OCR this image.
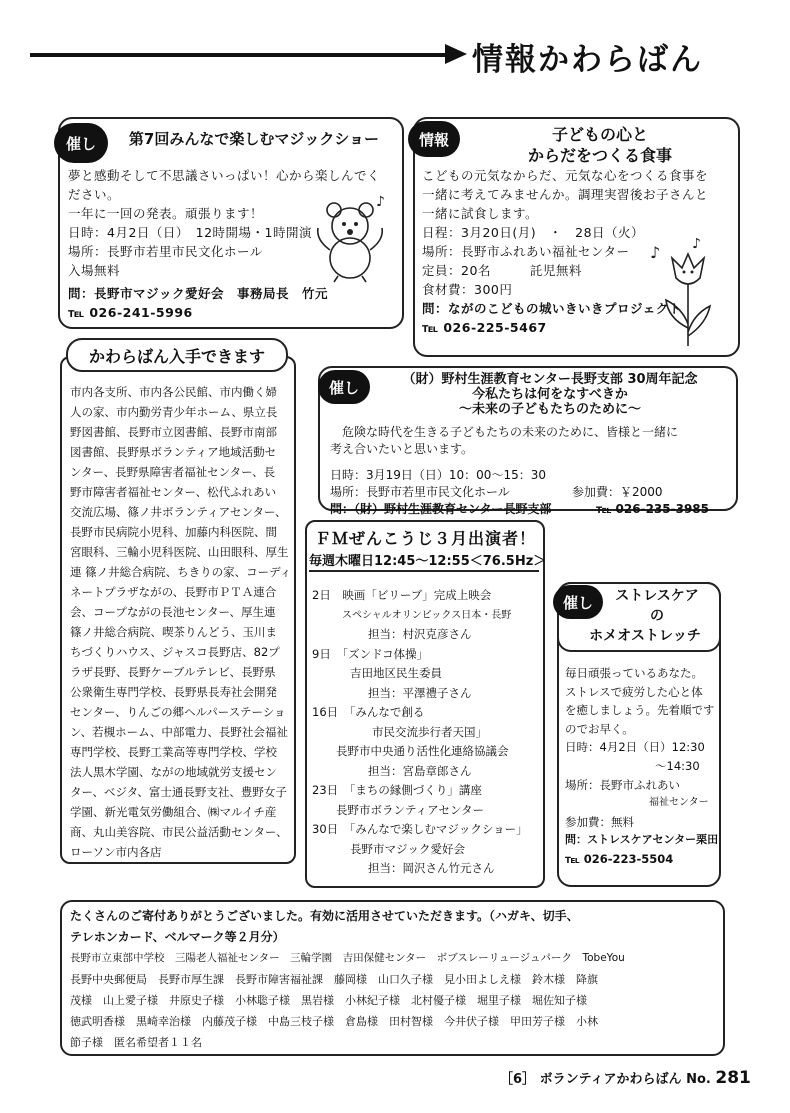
情報かわらばん
催し	第7回みんなで楽しむマジックショー
夢と感動そして不思議さいっぱい！心から楽しんでく
ださい。
一年に一回の発表。頑張ります！
日時：4月2日（日）　12時開場・1時開演
場所：長野市若里市民文化ホール
入場無料
問：長野市マジック愛好会　事務局長　竹元
℡ 026-241-5996
♪
情報	子どもの心と
からだをつくる食事
こどもの元気なからだ、元気な心をつくる食事を
一緒に考えてみませんか。調理実習後お子さんと
一緒に試食します。
日程：3月20日(月)　・　28日（火）
場所：長野市ふれあい福祉センター
定員：20名　　　託児無料
食材費：300円
問：ながのこどもの城いきいきプロジェクト
℡ 026-225-5467
♪ ♪
かわらばん入手できます
市内各支所、市内各公民館、市内働く婦
人の家、市内勤労青少年ホーム、県立長
野図書館、長野市立図書館、長野市南部
図書館、長野県ボランティア地域活動セ
ンター、長野県障害者福祉センター、長
野市障害者福祉センター、松代ふれあい
交流広場、篠ノ井ボランティアセンター、
長野市民病院小児科、加藤内科医院、間
宮眼科、三輪小児科医院、山田眼科、厚生
連 篠ノ井総合病院、ちきりの家、コーディ
ネートプラザながの、長野市ＰＴＡ連合
会、コープながの長池センター、厚生連
篠ノ井総合病院、喫茶りんどう、玉川ま
ちづくりハウス、ジャスコ長野店、82プ
ラザ長野、長野ケーブルテレビ、長野県
公衆衛生専門学校、長野県長寿社会開発
センター、りんごの郷ヘルパーステーショ
ン、若槻ホーム、中部電力、長野社会福祉
専門学校、長野工業高等専門学校、学校
法人黒木学園、ながの地域就労支援セン
ター、ベジタ、富士通長野支社、豊野女子
学園、新光電気労働組合、㈱マルイチ産
商、丸山美容院、市民公益活動センター、
ローソン市内各店
催し	（財）野村生涯教育センター長野支部 30周年記念
今私たちは何をなすべきか
～未来の子どもたちのために～
危険な時代を生きる子どもたちの未来のために、皆様と一緒に
考え合いたいと思います。
日時：3月19日（日）10：00～15：30
場所：長野市若里市民文化ホール	参加費：￥2000
問：（財）野村生涯教育センター長野支部	℡ 026-235-3985
ＦＭぜんこうじ３月出演者！
毎週木曜日12:45～12:55＜76.5Hz＞
2日　映画「ビリーブ」完成上映会
スペシャルオリンピックス日本・長野
担当：村沢克彦さん
9日　「ズンドコ体操」
吉田地区民生委員
担当：平澤禮子さん
16日　「みんなで創る
市民交流歩行者天国」
長野市中央通り活性化連絡協議会
担当：宮島章郎さん
23日　「まちの縁側づくり」講座
長野市ボランティアセンター
30日　「みんなで楽しむマジックショー」
長野市マジック愛好会
担当：岡沢さん竹元さん
催し	ストレスケア
の
ホメオストレッチ
毎日頑張っているあなた。
ストレスで疲労した心と体
を癒しましょう。先着順です
のでお早く。
日時：4月2日（日）12:30
～14:30
場所：長野市ふれあい
福祉センター
参加費：無料
問：ストレスケアセンター栗田
℡ 026-223-5504
たくさんのご寄付ありがとうございました。有効に活用させていただきます。（ハガキ、切手、
テレホンカード、ベルマーク等２月分）
長野市立東部中学校　三陽老人福祉センター　三輪学園　吉田保健センター　ボブスレーリュージュパーク　TobeYou
長野中央郵便局　長野市厚生課　長野市障害福祉課　藤岡様　山口久子様　見小田よしえ様　鈴木様　降旗
茂様　山上愛子様　井原史子様　小林聡子様　黒岩様　小林紀子様　北村優子様　堀里子様　堀佐知子様
徳武明香様　黒崎幸治様　内藤茂子様　中島三枝子様　倉島様　田村智様　今井伏子様　甲田芳子様　小林
節子様　匿名希望者１１名
［6］ ボランティアかわらばん No. 281
